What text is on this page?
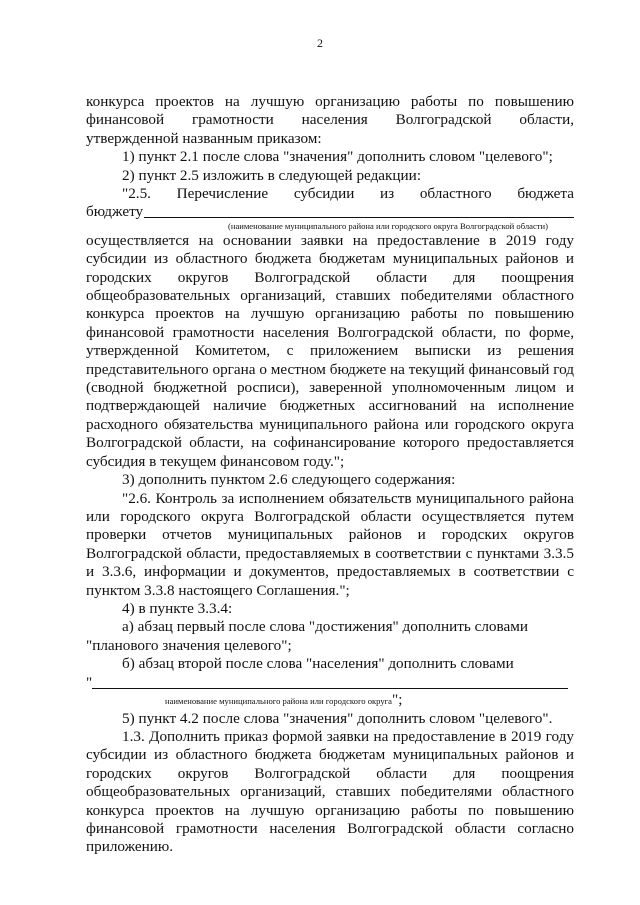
2

конкурса проектов на лучшую организацию работы по повышению финансовой грамотности населения Волгоградской области, утвержденной названным приказом:

1) пункт 2.1 после слова "значения" дополнить словом "целевого";

2) пункт 2.5 изложить в следующей редакции:

"2.5. Перечисление субсидии из областного бюджета
бюджету
(наименование муниципального района или городского округа Волгоградской области)

осуществляется на основании заявки на предоставление в 2019 году субсидии из областного бюджета бюджетам муниципальных районов и городских округов Волгоградской области для поощрения общеобразовательных организаций, ставших победителями областного конкурса проектов на лучшую организацию работы по повышению финансовой грамотности населения Волгоградской области, по форме, утвержденной Комитетом, с приложением выписки из решения представительного органа о местном бюджете на текущий финансовый год (сводной бюджетной росписи), заверенной уполномоченным лицом и подтверждающей наличие бюджетных ассигнований на исполнение расходного обязательства муниципального района или городского округа Волгоградской области, на софинансирование которого предоставляется субсидия в текущем финансовом году.";

3) дополнить пунктом 2.6 следующего содержания:

"2.6. Контроль за исполнением обязательств муниципального района или городского округа Волгоградской области осуществляется путем проверки отчетов муниципальных районов и городских округов Волгоградской области, предоставляемых в соответствии с пунктами 3.3.5 и 3.3.6, информации и документов, предоставляемых в соответствии с пунктом 3.3.8 настоящего Соглашения.";

4) в пункте 3.3.4:

а) абзац первый после слова "достижения" дополнить словами

"планового значения целевого";

б) абзац второй после слова "населения" дополнить словами

"
наименование муниципального района или городского округа";

5) пункт 4.2 после слова "значения" дополнить словом "целевого".

1.3. Дополнить приказ формой заявки на предоставление в 2019 году субсидии из областного бюджета бюджетам муниципальных районов и городских округов Волгоградской области для поощрения общеобразовательных организаций, ставших победителями областного конкурса проектов на лучшую организацию работы по повышению финансовой грамотности населения Волгоградской области согласно приложению.
